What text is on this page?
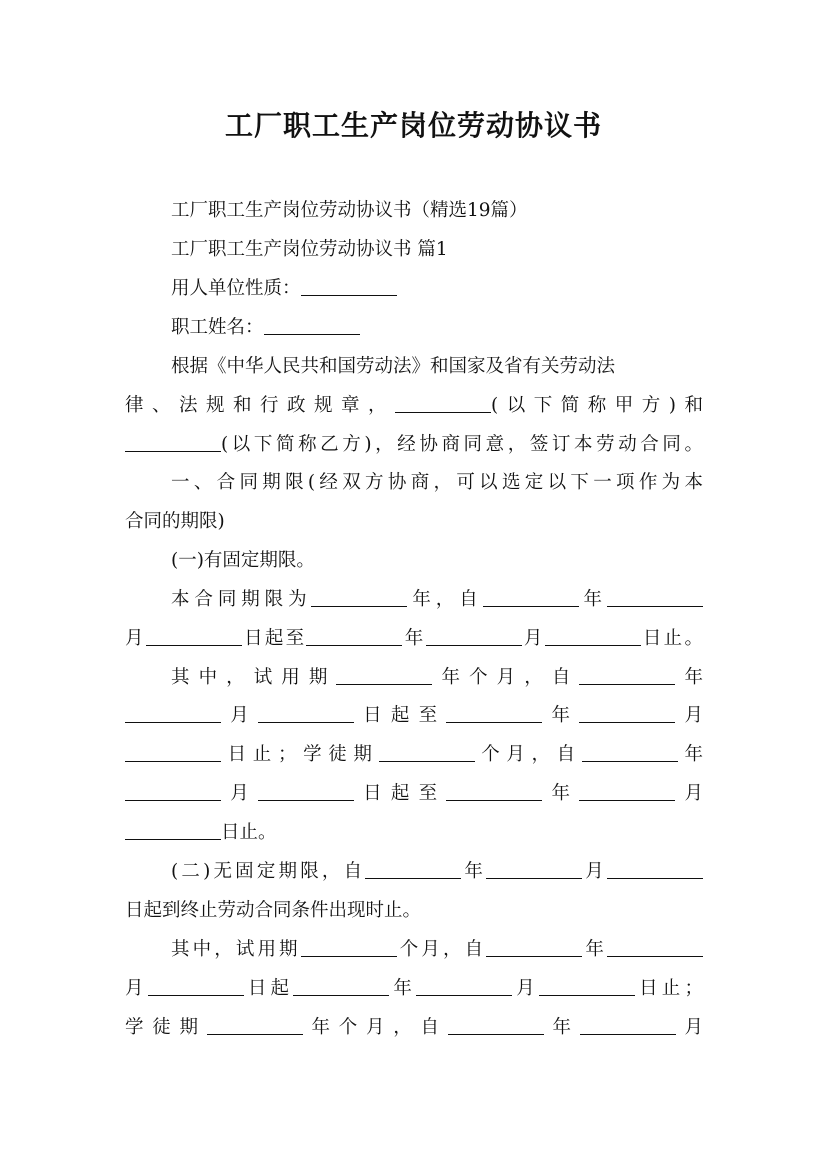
工厂职工生产岗位劳动协议书

工厂职工生产岗位劳动协议书（精选19篇）

工厂职工生产岗位劳动协议书 篇1

用人单位性质：

职工姓名：

根据《中华人民共和国劳动法》和国家及省有关劳动法

律、法规和行政规章，	(以下简称甲方)和

(以下简称乙方)，经协商同意，签订本劳动合同。

一、合同期限(经双方协商，可以选定以下一项作为本

合同的期限)

(一)有固定期限。

本合同期限为	年，自	年

月	日起至	年	月	日止。

其中，试用期	年个月，自	年

月	日起至	年	月

日止；学徒期	个月，自	年

月	日起至	年	月

日止。

(二)无固定期限，自	年	月

日起到终止劳动合同条件出现时止。

其中，试用期	个月，自	年

月	日起	年	月	日止；

学徒期	年个月，自	年	月
